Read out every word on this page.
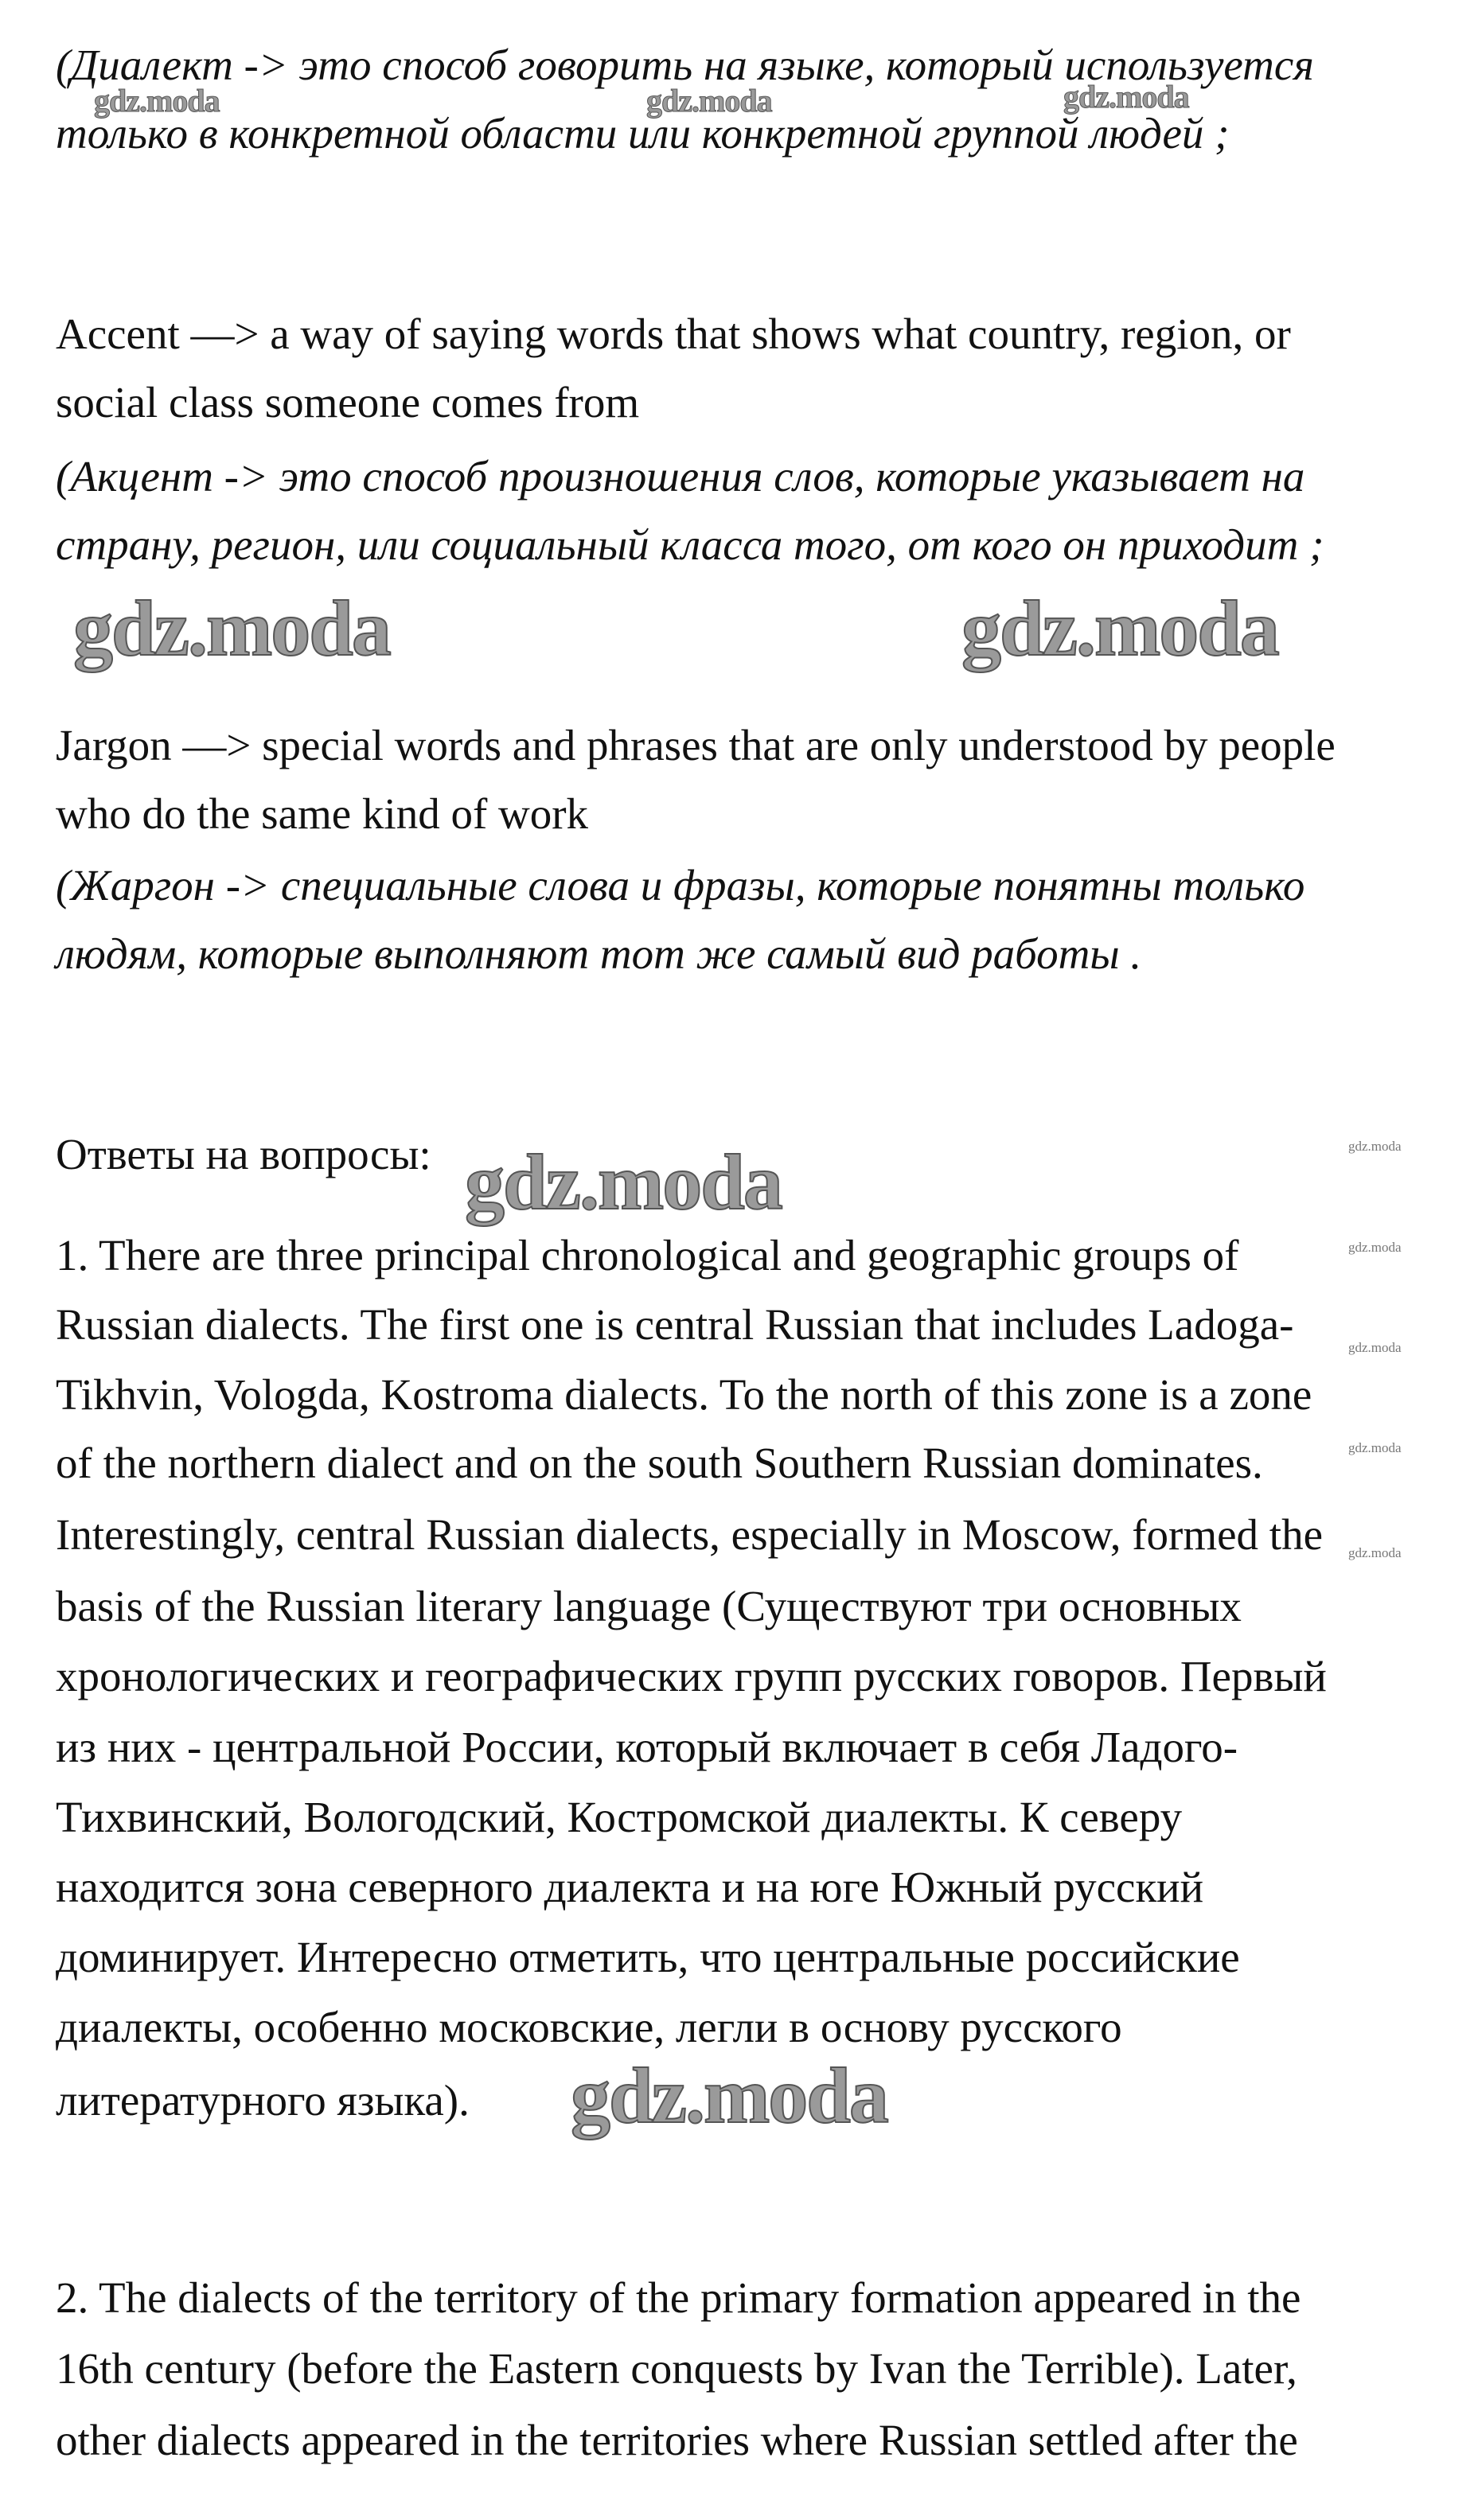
(Диалект -> это способ говорить на языке, который используется
только в конкретной области или конкретной группой людей ;
Accent —> a way of saying words that shows what country, region, or
social class someone comes from
(Акцент -> это способ произношения слов, которые указывает на
страну, регион, или социальный класса того, от кого он приходит ;
Jargon —> special words and phrases that are only understood by people
who do the same kind of work
(Жаргон -> специальные слова и фразы, которые понятны только
людям, которые выполняют тот же самый вид работы .
Ответы на вопросы:
1. There are three principal chronological and geographic groups of
Russian dialects. The first one is central Russian that includes Ladoga-
Tikhvin, Vologda, Kostroma dialects. To the north of this zone is a zone
of the northern dialect and on the south Southern Russian dominates.
Interestingly, central Russian dialects, especially in Moscow, formed the
basis of the Russian literary language (Существуют три основных
хронологических и географических групп русских говоров. Первый
из них - центральной России, который включает в себя Ладого-
Тихвинский, Вологодский, Костромской диалекты. К северу
находится зона северного диалекта и на юге Южный русский
доминирует. Интересно отметить, что центральные российские
диалекты, особенно московские, легли в основу русского
литературного языка).
2. The dialects of the territory of the primary formation appeared in the
16th century (before the Eastern conquests by Ivan the Terrible). Later,
other dialects appeared in the territories where Russian settled after the
gdz.moda	gdz.moda	gdz.moda
gdz.moda	gdz.moda
gdz.moda
gdz.moda
gdz.moda
gdz.moda
gdz.moda
gdz.moda
gdz.moda
